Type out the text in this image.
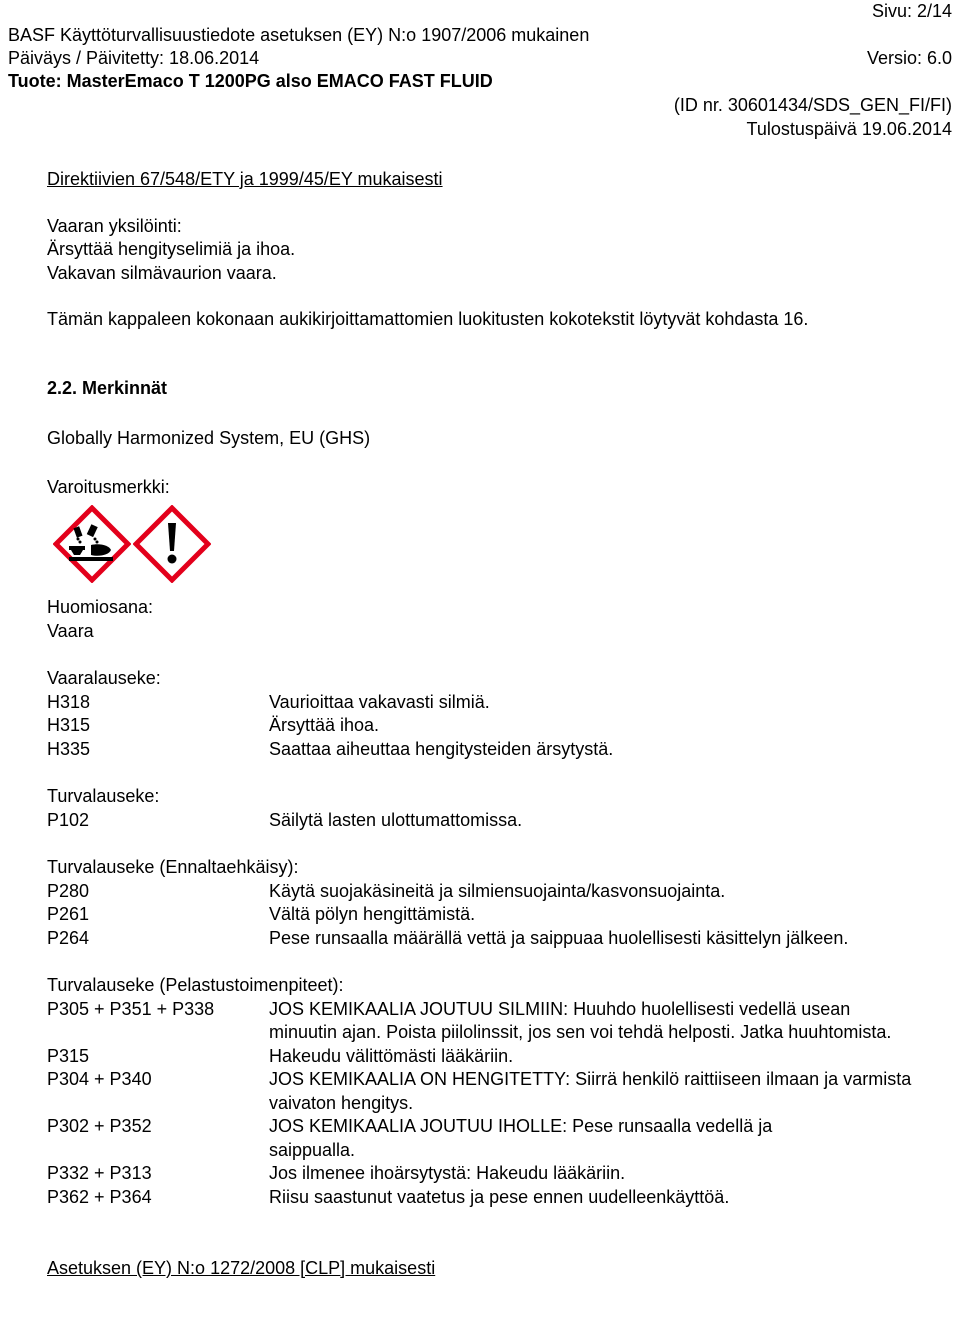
Sivu: 2/14
BASF Käyttöturvallisuustiedote asetuksen (EY) N:o 1907/2006 mukainen
Päiväys / Päivitetty: 18.06.2014	Versio: 6.0
Tuote: MasterEmaco T 1200PG also EMACO FAST FLUID
(ID nr. 30601434/SDS_GEN_FI/FI)
Tulostuspäivä 19.06.2014
Direktiivien 67/548/ETY ja 1999/45/EY mukaisesti
Vaaran yksilöinti:
Ärsyttää hengityselimiä ja ihoa.
Vakavan silmävaurion vaara.
Tämän kappaleen kokonaan aukikirjoittamattomien luokitusten kokotekstit löytyvät kohdasta 16.
2.2. Merkinnät
Globally Harmonized System, EU (GHS)
Varoitusmerkki:
Huomiosana:
Vaara
Vaaralauseke:
H318	Vaurioittaa vakavasti silmiä.
H315	Ärsyttää ihoa.
H335	Saattaa aiheuttaa hengitysteiden ärsytystä.
Turvalauseke:
P102	Säilytä lasten ulottumattomissa.
Turvalauseke (Ennaltaehkäisy):
P280	Käytä suojakäsineitä ja silmiensuojainta/kasvonsuojainta.
P261	Vältä pölyn hengittämistä.
P264	Pese runsaalla määrällä vettä ja saippuaa huolellisesti käsittelyn jälkeen.
Turvalauseke (Pelastustoimenpiteet):
P305 + P351 + P338	JOS KEMIKAALIA JOUTUU SILMIIN: Huuhdo huolellisesti vedellä usean minuutin ajan. Poista piilolinssit, jos sen voi tehdä helposti. Jatka huuhtomista.
P315	Hakeudu välittömästi lääkäriin.
P304 + P340	JOS KEMIKAALIA ON HENGITETTY: Siirrä henkilö raittiiseen ilmaan ja varmista vaivaton hengitys.
P302 + P352	JOS KEMIKAALIA JOUTUU IHOLLE: Pese runsaalla vedellä ja saippualla.
P332 + P313	Jos ilmenee ihoärsytystä: Hakeudu lääkäriin.
P362 + P364	Riisu saastunut vaatetus ja pese ennen uudelleenkäyttöä.
Asetuksen (EY) N:o 1272/2008 [CLP] mukaisesti
